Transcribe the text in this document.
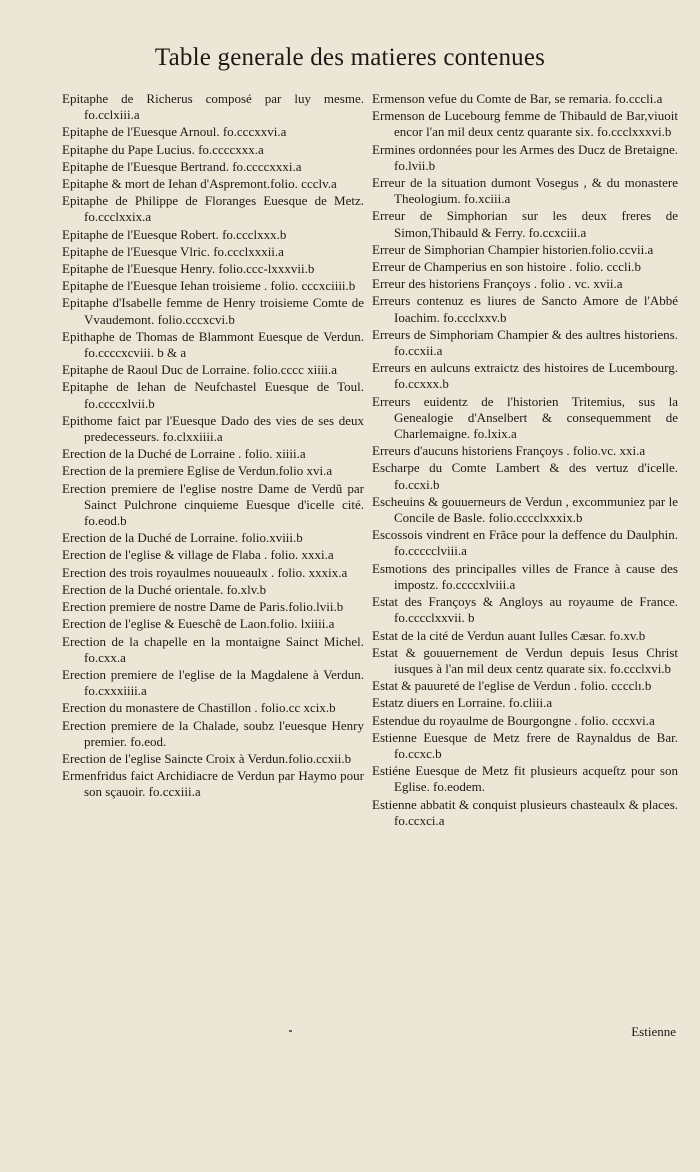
Table generale des matieres contenues
Epitaphe de Richerus composé par luy mesme. fo.cclxiii.a
Epitaphe de l'Euesque Arnoul. fo.cccxxvi.a
Epitaphe du Pape Lucius. fo.ccccxxx.a
Epitaphe de l'Euesque Bertrand. fo.ccccxxxi.a
Epitaphe & mort de Iehan d'Aspremont.folio. ccclv.a
Epitaphe de Philippe de Floranges Euesque de Metz. fo.ccclxxix.a
Epitaphe de l'Euesque Robert. fo.ccclxxx.b
Epitaphe de l'Euesque Vlric. fo.ccclxxxii.a
Epitaphe de l'Euesque Henry. folio.ccc-lxxxvii.b
Epitaphe de l'Euesque Iehan troisieme . folio. cccxciiii.b
Epitaphe d'Isabelle femme de Henry troisieme Comte de Vvaudemont. folio.cccxcvi.b
Epithaphe de Thomas de Blammont Euesque de Verdun. fo.ccccxcviii. b & a
Epitaphe de Raoul Duc de Lorraine. folio.cccc xiiii.a
Epitaphe de Iehan de Neufchastel Euesque de Toul. fo.ccccxlvii.b
Epithome faict par l'Euesque Dado des vies de ses deux predecesseurs. fo.clxxiiii.a
Erection de la Duché de Lorraine . folio. xiiii.a
Erection de la premiere Eglise de Verdun.folio xvi.a
Erection premiere de l'eglise nostre Dame de Verdũ par Sainct Pulchrone cinquieme Euesque d'icelle cité. fo.eod.b
Erection de la Duché de Lorraine. folio.xviii.b
Erection de l'eglise & village de Flaba . folio. xxxi.a
Erection des trois royaulmes nouueaulx . folio. xxxix.a
Erection de la Duché orientale. fo.xlv.b
Erection premiere de nostre Dame de Paris.folio.lvii.b
Erection de l'eglise & Eueschê de Laon.folio. lxiiii.a
Erection de la chapelle en la montaigne Sainct Michel. fo.cxx.a
Erection premiere de l'eglise de la Magdalene à Verdun. fo.cxxxiiii.a
Erection du monastere de Chastillon . folio.cc xcix.b
Erection premiere de la Chalade, soubz l'euesque Henry premier. fo.eod.
Erection de l'eglise Saincte Croix à Verdun.folio.ccxii.b
Ermenfridus faict Archidiacre de Verdun par Haymo pour son sçauoir. fo.ccxiii.a
Ermenson vefue du Comte de Bar, se remaria. fo.cccli.a
Ermenson de Lucebourg femme de Thibauld de Bar,viuoit encor l'an mil deux centz quarante six. fo.ccclxxxvi.b
Ermines ordonnées pour les Armes des Ducz de Bretaigne. fo.lvii.b
Erreur de la situation dumont Vosegus , & du monastere Theologium. fo.xciii.a
Erreur de Simphorian sur les deux freres de Simon,Thibauld & Ferry. fo.ccxciii.a
Erreur de Simphorian Champier historien.folio.ccvii.a
Erreur de Champerius en son histoire . folio. cccli.b
Erreur des historiens Françoys . folio . vc. xvii.a
Erreurs contenuz es liures de Sancto Amore de l'Abbé Ioachim. fo.ccclxxv.b
Erreurs de Simphoriam Champier & des aultres historiens. fo.ccxii.a
Erreurs en aulcuns extraictz des histoires de Lucembourg. fo.ccxxx.b
Erreurs euidentz de l'historien Tritemius, sus la Genealogie d'Anselbert & consequemment de Charlemaigne. fo.lxix.a
Erreurs d'aucuns historiens Françoys . folio.vc. xxi.a
Escharpe du Comte Lambert & des vertuz d'icelle. fo.ccxi.b
Escheuins & gouuerneurs de Verdun , excommuniez par le Concile de Basle. folio.cccclxxxix.b
Escossois vindrent en Frãce pour la deffence du Daulphin. fo.ccccclviii.a
Esmotions des principalles villes de France à cause des impostz. fo.ccccxlviii.a
Estat des Françoys & Angloys au royaume de France. fo.cccclxxvii. b
Estat de la cité de Verdun auant Iulles Cæsar. fo.xv.b
Estat & gouuernement de Verdun depuis Iesus Christ iusques à l'an mil deux centz quarate six. fo.ccclxvi.b
Estat & pauureté de l'eglise de Verdun . folio. cccclı.b
Estatz diuers en Lorraine. fo.cliii.a
Estendue du royaulme de Bourgongne . folio. cccxvi.a
Estienne Euesque de Metz frere de Raynaldus de Bar. fo.ccxc.b
Estiéne Euesque de Metz fit plusieurs acqueſtz pour son Eglise. fo.eodem.
Estienne abbatit & conquist plusieurs chasteaulx & places. fo.ccxci.a
Estienne
